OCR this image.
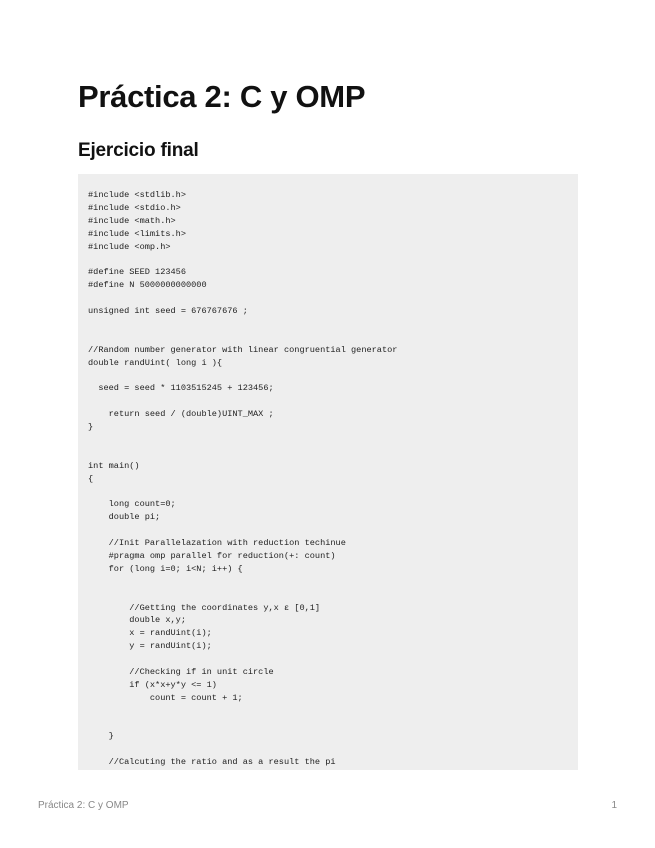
Práctica 2: C y OMP
Ejercicio final
#include <stdlib.h>
#include <stdio.h>
#include <math.h>
#include <limits.h>
#include <omp.h>
#define SEED 123456
#define N 5000000000000
unsigned int seed = 676767676 ;
//Random number generator with linear congruential generator
double randUint( long i ){
seed = seed * 1103515245 + 123456;
return seed / (double)UINT_MAX ;
}
int main()
{
long count=0;
double pi;
//Init Parallelazation with reduction techinue
#pragma omp parallel for reduction(+: count)
for (long i=0; i<N; i++) {
//Getting the coordinates y,x ε [0,1]
double x,y;
x = randUint(i);
y = randUint(i);
//Checking if in unit circle
if (x*x+y*y <= 1)
count = count + 1;
}
//Calcuting the ratio and as a result the pi
Práctica 2: C y OMP	1
